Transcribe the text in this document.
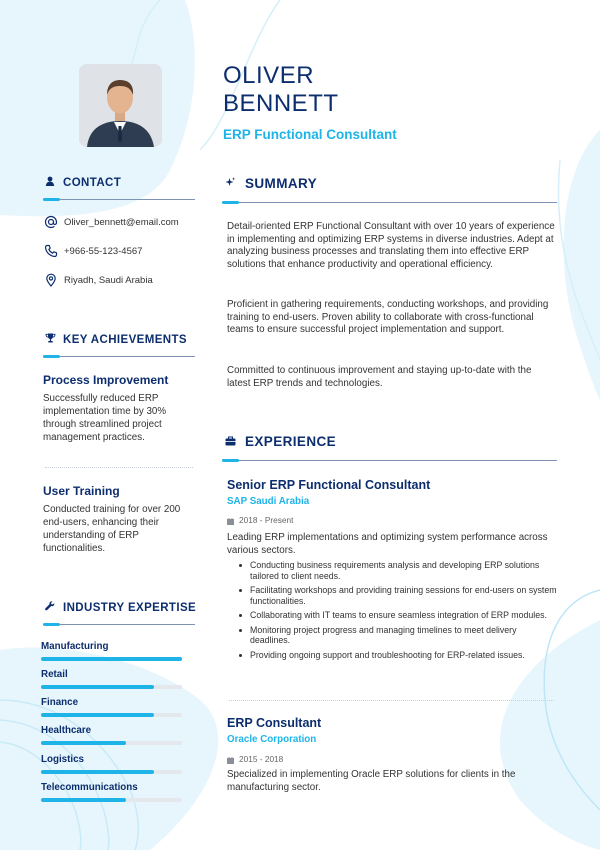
OLIVER
BENNETT
ERP Functional Consultant
CONTACT
Oliver_bennett@email.com
+966-55-123-4567
Riyadh, Saudi Arabia
KEY ACHIEVEMENTS
Process Improvement
Successfully reduced ERP implementation time by 30% through streamlined project management practices.
User Training
Conducted training for over 200 end-users, enhancing their understanding of ERP functionalities.
INDUSTRY EXPERTISE
Manufacturing
Retail
Finance
Healthcare
Logistics
Telecommunications
SUMMARY
Detail-oriented ERP Functional Consultant with over 10 years of experience in implementing and optimizing ERP systems in diverse industries. Adept at analyzing business processes and translating them into effective ERP solutions that enhance productivity and operational efficiency.
Proficient in gathering requirements, conducting workshops, and providing training to end-users. Proven ability to collaborate with cross-functional teams to ensure successful project implementation and support.
Committed to continuous improvement and staying up-to-date with the latest ERP trends and technologies.
EXPERIENCE
Senior ERP Functional Consultant
SAP Saudi Arabia
2018 - Present
Leading ERP implementations and optimizing system performance across various sectors.
Conducting business requirements analysis and developing ERP solutions tailored to client needs.
Facilitating workshops and providing training sessions for end-users on system functionalities.
Collaborating with IT teams to ensure seamless integration of ERP modules.
Monitoring project progress and managing timelines to meet delivery deadlines.
Providing ongoing support and troubleshooting for ERP-related issues.
ERP Consultant
Oracle Corporation
2015 - 2018
Specialized in implementing Oracle ERP solutions for clients in the manufacturing sector.
